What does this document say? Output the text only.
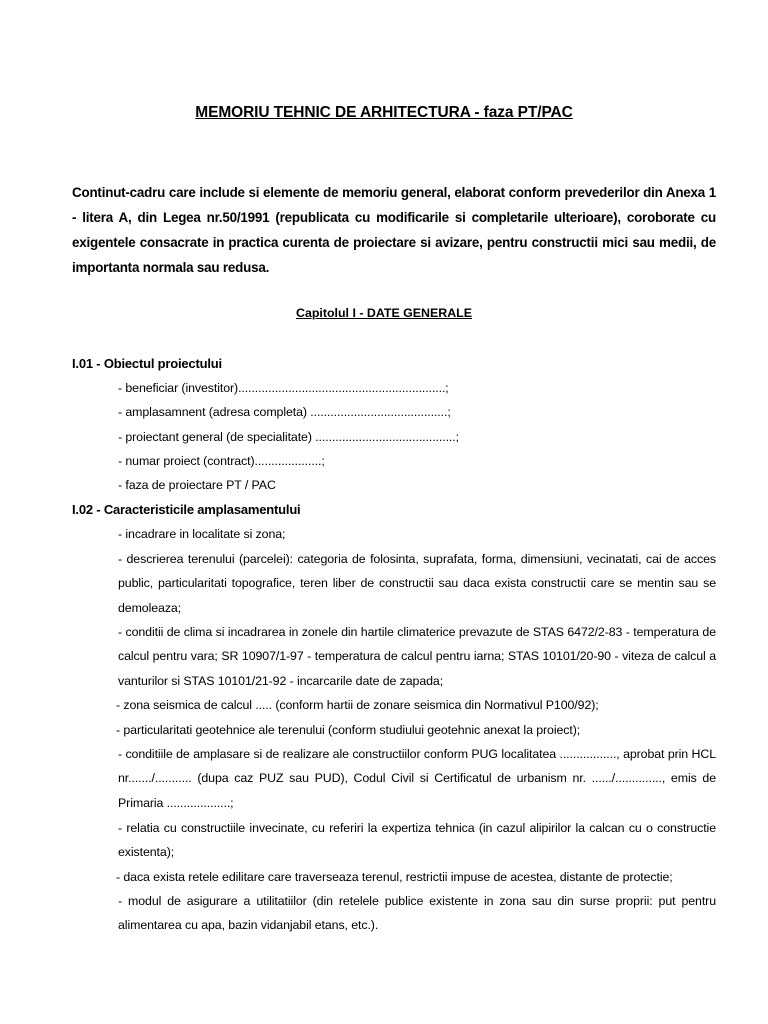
MEMORIU TEHNIC DE ARHITECTURA - faza PT/PAC
Continut-cadru care include si elemente de memoriu general, elaborat conform prevederilor din Anexa 1 - litera A, din Legea nr.50/1991 (republicata cu modificarile si completarile ulterioare), coroborate cu exigentele consacrate in practica curenta de proiectare si avizare, pentru constructii mici sau medii, de importanta normala sau redusa.
Capitolul I - DATE GENERALE
I.01 - Obiectul proiectului
- beneficiar (investitor)..............................................................;
- amplasamnent (adresa completa) .........................................;
- proiectant general (de specialitate) ..........................................;
- numar proiect (contract)....................;
- faza de proiectare PT / PAC
I.02 - Caracteristicile amplasamentului
- incadrare in localitate si zona;
- descrierea terenului (parcelei): categoria de folosinta, suprafata, forma, dimensiuni, vecinatati, cai de acces public, particularitati topografice, teren liber de constructii sau daca exista constructii care se mentin sau se demoleaza;
- conditii de clima si incadrarea in zonele din hartile climaterice prevazute de STAS 6472/2-83 - temperatura de calcul pentru vara; SR 10907/1-97 - temperatura de calcul pentru iarna; STAS 10101/20-90 - viteza de calcul a vanturilor si STAS 10101/21-92 - incarcarile date de zapada;
- zona seismica de calcul ..... (conform hartii de zonare seismica din Normativul P100/92);
- particularitati geotehnice ale terenului (conform studiului geotehnic anexat la proiect);
- conditiile de amplasare si de realizare ale constructiilor conform PUG localitatea ................., aprobat prin HCL nr......./........... (dupa caz PUZ sau PUD), Codul Civil si Certificatul de urbanism nr. ....../.............., emis de Primaria ...................;
- relatia cu constructiile invecinate, cu referiri la expertiza tehnica (in cazul alipirilor la calcan cu o constructie existenta);
- daca exista retele edilitare care traverseaza terenul, restrictii impuse de acestea, distante de protectie;
- modul de asigurare a utilitatiilor (din retelele publice existente in zona sau din surse proprii: put pentru alimentarea cu apa, bazin vidanjabil etans, etc.).
